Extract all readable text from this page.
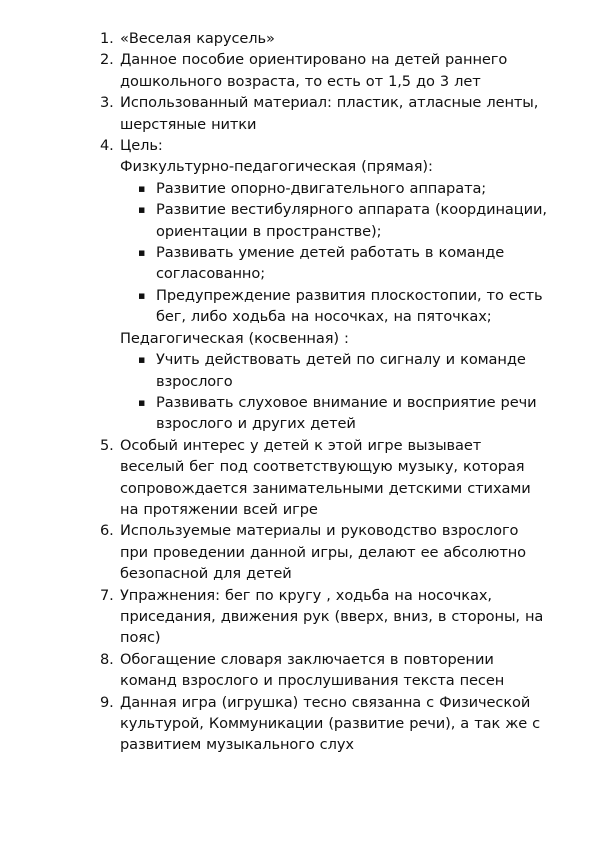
1. «Веселая карусель»
2. Данное пособие ориентировано на детей раннего дошкольного возраста, то есть от 1,5 до 3 лет
3. Использованный материал: пластик, атласные ленты, шерстяные нитки
4. Цель:
Физкультурно-педагогическая (прямая):
▪ Развитие опорно-двигательного аппарата;
▪ Развитие вестибулярного аппарата (координации, ориентации в пространстве);
▪ Развивать умение детей работать в команде согласованно;
▪ Предупреждение развития плоскостопии, то есть бег, либо ходьба на носочках, на пяточках;
Педагогическая (косвенная) :
▪ Учить действовать детей по сигналу и команде взрослого
▪ Развивать слуховое внимание и восприятие речи взрослого и других детей
5. Особый интерес у детей к этой игре вызывает веселый бег под соответствующую музыку, которая сопровождается занимательными детскими стихами на протяжении всей игре
6. Используемые материалы и руководство взрослого при проведении данной игры, делают ее абсолютно безопасной для детей
7. Упражнения: бег по кругу , ходьба на носочках, приседания, движения рук (вверх, вниз, в стороны, на пояс)
8. Обогащение словаря заключается в повторении команд взрослого и прослушивания текста песен
9. Данная игра (игрушка) тесно связанна с Физической культурой, Коммуникации (развитие речи), а так же с развитием музыкального слух
